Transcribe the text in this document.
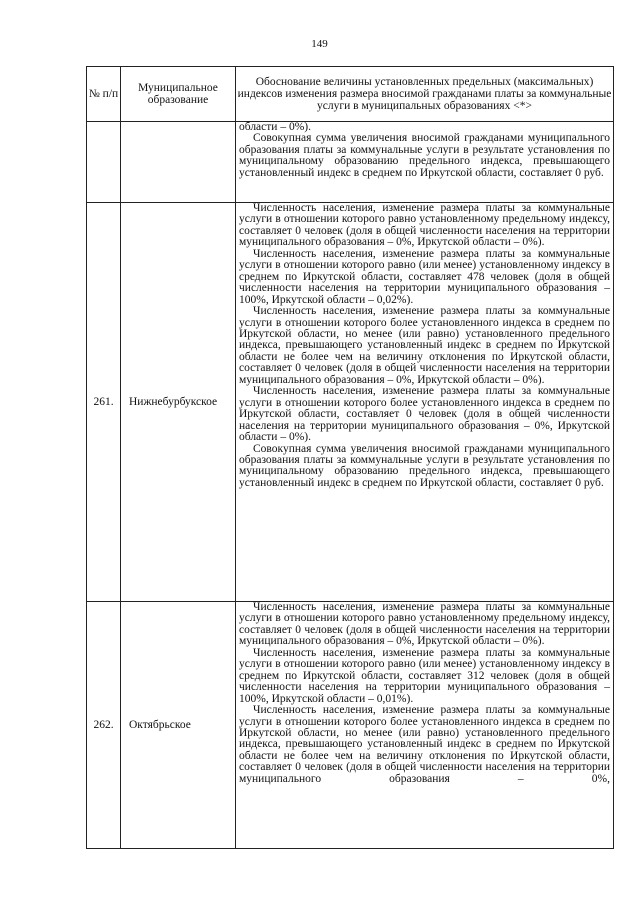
149
№ п/п	Муниципальное образование	Обоснование величины установленных предельных (максимальных) индексов изменения размера вносимой гражданами платы за коммунальные услуги в муниципальных образованиях <*>

		области – 0%).

Совокупная сумма увеличения вносимой гражданами муниципального образования платы за коммунальные услуги в результате установления по муниципальному образованию предельного индекса, превышающего установленный индекс в среднем по Иркутской области, составляет 0 руб.

261.	Нижнебурбукское	Численность населения, изменение размера платы за коммунальные услуги в отношении которого равно установленному предельному индексу, составляет 0 человек (доля в общей численности населения на территории муниципального образования – 0%, Иркутской области – 0%).

Численность населения, изменение размера платы за коммунальные услуги в отношении которого равно (или менее) установленному индексу в среднем по Иркутской области, составляет 478 человек (доля в общей численности населения на территории муниципального образования – 100%, Иркутской области – 0,02%).

Численность населения, изменение размера платы за коммунальные услуги в отношении которого более установленного индекса в среднем по Иркутской области, но менее (или равно) установленного предельного индекса, превышающего установленный индекс в среднем по Иркутской области не более чем на величину отклонения по Иркутской области, составляет 0 человек (доля в общей численности населения на территории муниципального образования – 0%, Иркутской области – 0%).

Численность населения, изменение размера платы за коммунальные услуги в отношении которого более установленного индекса в среднем по Иркутской области, составляет 0 человек (доля в общей численности населения на территории муниципального образования – 0%, Иркутской области – 0%).

Совокупная сумма увеличения вносимой гражданами муниципального образования платы за коммунальные услуги в результате установления по муниципальному образованию предельного индекса, превышающего установленный индекс в среднем по Иркутской области, составляет 0 руб.

262.	Октябрьское	Численность населения, изменение размера платы за коммунальные услуги в отношении которого равно установленному предельному индексу, составляет 0 человек (доля в общей численности населения на территории муниципального образования – 0%, Иркутской области – 0%).

Численность населения, изменение размера платы за коммунальные услуги в отношении которого равно (или менее) установленному индексу в среднем по Иркутской области, составляет 312 человек (доля в общей численности населения на территории муниципального образования – 100%, Иркутской области – 0,01%).

Численность населения, изменение размера платы за коммунальные услуги в отношении которого более установленного индекса в среднем по Иркутской области, но менее (или равно) установленного предельного индекса, превышающего установленный индекс в среднем по Иркутской области не более чем на величину отклонения по Иркутской области, составляет 0 человек (доля в общей численности населения на территории муниципального образования – 0%,
